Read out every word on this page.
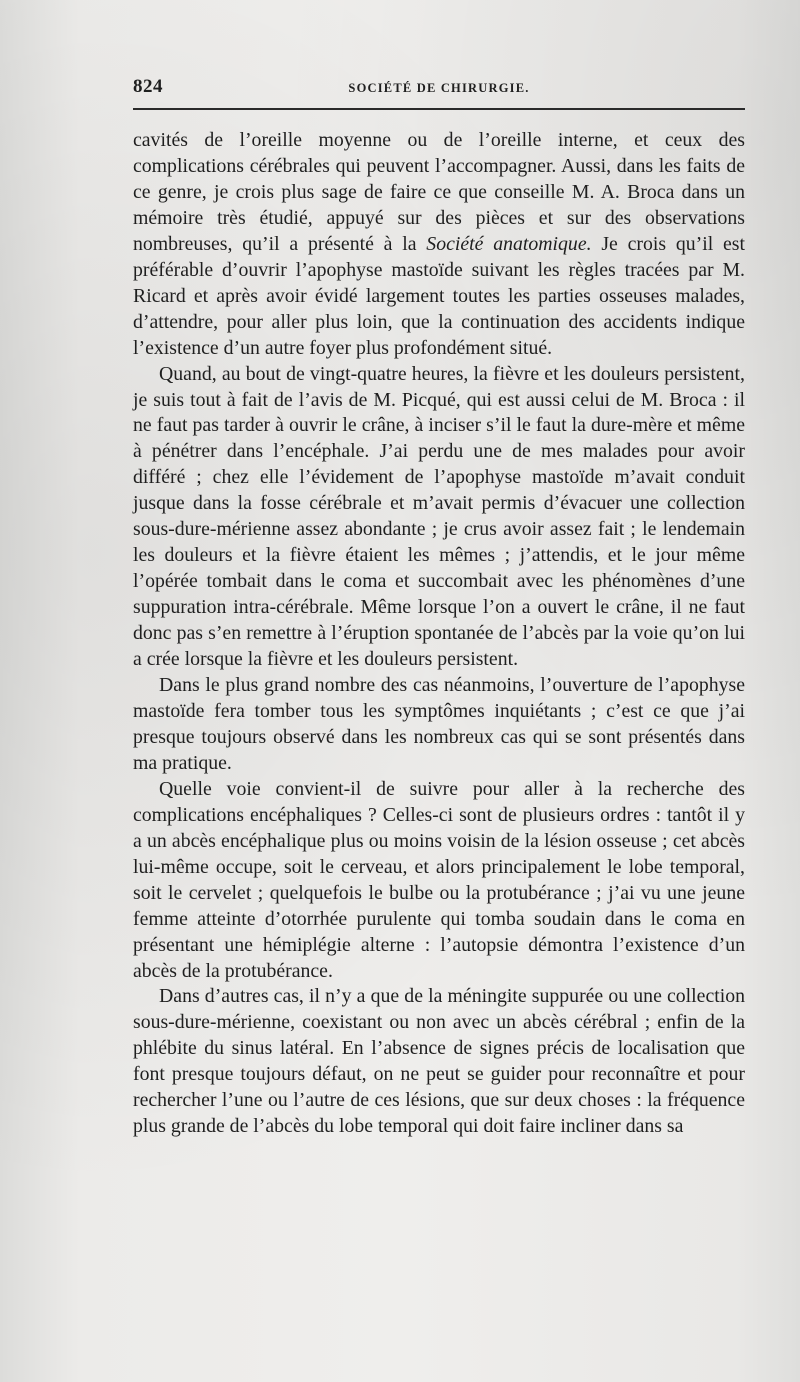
824	SOCIÉTÉ DE CHIRURGIE.

cavités de l’oreille moyenne ou de l’oreille interne, et ceux des complications cérébrales qui peuvent l’accompagner. Aussi, dans les faits de ce genre, je crois plus sage de faire ce que conseille M. A. Broca dans un mémoire très étudié, appuyé sur des pièces et sur des observations nombreuses, qu’il a présenté à la Société anatomique. Je crois qu’il est préférable d’ouvrir l’apophyse mastoïde suivant les règles tracées par M. Ricard et après avoir évidé largement toutes les parties osseuses malades, d’attendre, pour aller plus loin, que la continuation des accidents indique l’existence d’un autre foyer plus profondément situé.

Quand, au bout de vingt-quatre heures, la fièvre et les douleurs persistent, je suis tout à fait de l’avis de M. Picqué, qui est aussi celui de M. Broca : il ne faut pas tarder à ouvrir le crâne, à inciser s’il le faut la dure-mère et même à pénétrer dans l’encéphale. J’ai perdu une de mes malades pour avoir différé ; chez elle l’évidement de l’apophyse mastoïde m’avait conduit jusque dans la fosse cérébrale et m’avait permis d’évacuer une collection sous-dure-mérienne assez abondante ; je crus avoir assez fait ; le lendemain les douleurs et la fièvre étaient les mêmes ; j’attendis, et le jour même l’opérée tombait dans le coma et succombait avec les phénomènes d’une suppuration intra-cérébrale. Même lorsque l’on a ouvert le crâne, il ne faut donc pas s’en remettre à l’éruption spontanée de l’abcès par la voie qu’on lui a crée lorsque la fièvre et les douleurs persistent.

Dans le plus grand nombre des cas néanmoins, l’ouverture de l’apophyse mastoïde fera tomber tous les symptômes inquiétants ; c’est ce que j’ai presque toujours observé dans les nombreux cas qui se sont présentés dans ma pratique.

Quelle voie convient-il de suivre pour aller à la recherche des complications encéphaliques ? Celles-ci sont de plusieurs ordres : tantôt il y a un abcès encéphalique plus ou moins voisin de la lésion osseuse ; cet abcès lui-même occupe, soit le cerveau, et alors principalement le lobe temporal, soit le cervelet ; quelquefois le bulbe ou la protubérance ; j’ai vu une jeune femme atteinte d’otorrhée purulente qui tomba soudain dans le coma en présentant une hémiplégie alterne : l’autopsie démontra l’existence d’un abcès de la protubérance.

Dans d’autres cas, il n’y a que de la méningite suppurée ou une collection sous-dure-mérienne, coexistant ou non avec un abcès cérébral ; enfin de la phlébite du sinus latéral. En l’absence de signes précis de localisation que font presque toujours défaut, on ne peut se guider pour reconnaître et pour rechercher l’une ou l’autre de ces lésions, que sur deux choses : la fréquence plus grande de l’abcès du lobe temporal qui doit faire incliner dans sa
